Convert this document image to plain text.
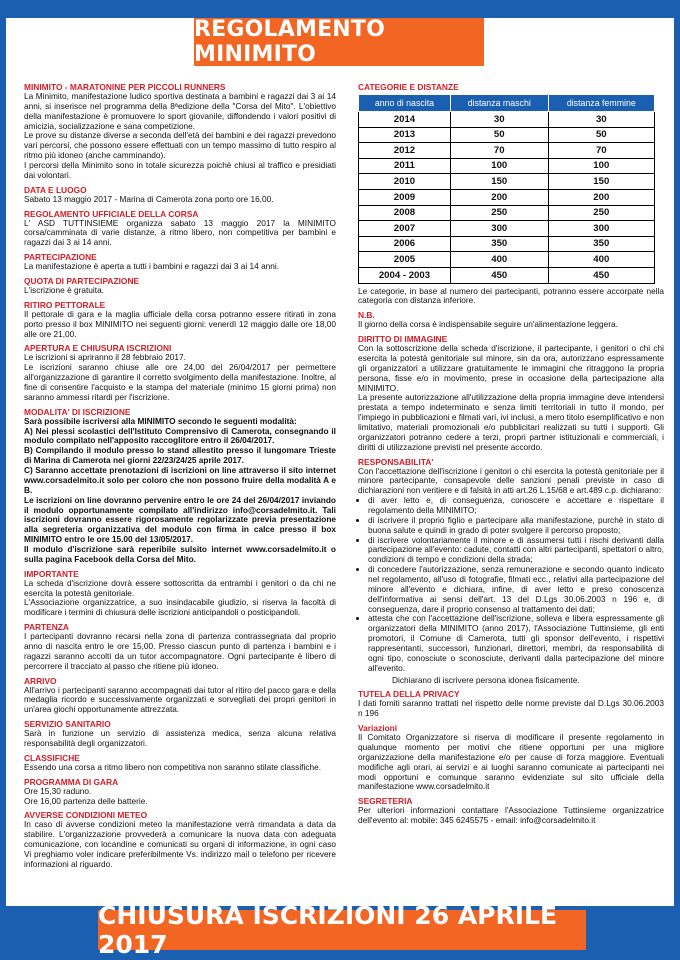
REGOLAMENTO MINIMITO
MINIMITO - MARATONINE PER PICCOLI RUNNERS
La Minimito, manifestazione ludico sportiva destinata a bambini e ragazzi dai 3 ai 14 anni, si inserisce nel programma della 8ªedizione della "Corsa del Mito". L'obiettivo della manifestazione è promuovere lo sport giovanile, diffondendo i valori positivi di amicizia, socializzazione e sana competizione.
Le prove su distanze diverse a seconda dell'età dei bambini e dei ragazzi prevedono vari percorsi, che possono essere effettuati con un tempo massimo di tutto respiro al ritmo più idoneo (anche camminando).
I percorsi della Minimito sono in totale sicurezza poichè chiusi al traffico e presidiati dai volontari.
DATA E LUOGO
Sabato 13 maggio 2017 - Marina di Camerota zona porto ore 16,00.
REGOLAMENTO UFFICIALE DELLA CORSA
L' ASD TUTTINSIEME organizza sabato 13 maggio 2017 la MINIMITO corsa/camminata di varie distanze, a ritmo libero, non competitiva per bambini e ragazzi dai 3 ai 14 anni.
PARTECIPAZIONE
La manifestazione è aperta a tutti i bambini e ragazzi dai 3 ai 14 anni.
QUOTA DI PARTECIPAZIONE
L'iscrizione è gratuita.
RITIRO PETTORALE
Il pettorale di gara e la maglia ufficiale della corsa potranno essere ritirati in zona porto presso il box MINIMITO nei seguenti giorni: venerdì 12 maggio dalle ore 18,00 alle ore 21,00.
APERTURA E CHIUSURA ISCRIZIONI
Le iscrizioni si apriranno il 28 febbraio 2017.
Le iscrizioni saranno chiuse alle ore 24,00 del 26/04/2017 per permettere all'organizzazione di garantire il corretto svolgimento della manifestazione. Inoltre, al fine di consentire l'acquisto e la stampa del materiale (minimo 15 giorni prima) non saranno ammessi ritardi per l'iscrizione.
MODALITA' DI ISCRIZIONE
Sarà possibile iscriversi alla MINIMITO secondo le seguenti modalità:
A) Nei plessi scolastici dell'Istituto Comprensivo di Camerota, consegnando il modulo compilato nell'apposito raccoglitore entro il 26/04/2017.
B) Compilando il modulo presso lo stand allestito presso il lungomare Trieste di Marina di Camerota nei giorni 22/23/24/25 aprile 2017.
C) Saranno accettate prenotazioni di iscrizioni on line attraverso il sito internet www.corsadelmito.it solo per coloro che non possono fruire della modalità A e B.
Le iscrizioni on line dovranno pervenire entro le ore 24 del 26/04/2017 inviando il modulo opportunamente compilato all'indirizzo info@corsadelmito.it. Tali iscrizioni dovranno essere rigorosamente regolarizzate previa presentazione alla segreteria organizzativa del modulo con firma in calce presso il box MINIMITO entro le ore 15.00 del 13/05/2017.
Il modulo d'iscrizione sarà reperibile sulsito internet www.corsadelmito.it o sulla pagina Facebook della Corsa del Mito.
IMPORTANTE
La scheda d'iscrizione dovrà essere sottoscritta da entrambi i genitori o da chi ne esercita la potestà genitoriale.
L'Associazione organizzatrice, a suo insindacabile giudizio, si riserva la facoltà di modificare i termini di chiusura delle iscrizioni anticipandoli o posticipandoli.
PARTENZA
I partecipanti dovranno recarsi nella zona di partenza contrassegnata dal proprio anno di nascita entro le ore 15,00. Presso ciascun punto di partenza i bambini e i ragazzi saranno accolti da un tutor accompagnatore. Ogni partecipante è libero di percorrere il tracciato al passo che ritiene più idoneo.
ARRIVO
All'arrivo i partecipanti saranno accompagnati dai tutor al ritiro del pacco gara e della medaglia ricordo e successivamente organizzati e sorvegliati dei propri genitori in un'area giochi opportunamente attrezzata.
SERVIZIO SANITARIO
Sarà in funzione un servizio di assistenza medica, senza alcuna relativa responsabilità degli organizzatori.
CLASSIFICHE
Essendo una corsa a ritmo libero non competitiva non saranno stilate classifiche.
PROGRAMMA DI GARA
Ore 15,30 raduno.
Ore 16,00 partenza delle batterie.
AVVERSE CONDIZIONI METEO
In caso di avverse condizioni meteo la manifestazione verrà rimandata a data da stabilire. L'organizzazione provvederà a comunicare la nuova data con adeguata comunicazione, con locandine e comunicati su organi di informazione, in ogni caso Vi preghiamo voler indicare preferibilmente Vs. indirizzo mail o telefono per ricevere informazioni al riguardo.
CATEGORIE E DISTANZE
anno di nascita	distanza maschi	distanza femmine
2014	30	30
2013	50	50
2012	70	70
2011	100	100
2010	150	150
2009	200	200
2008	250	250
2007	300	300
2006	350	350
2005	400	400
2004 - 2003	450	450
Le categorie, in base al numero dei partecipanti, potranno essere accorpate nella categoria con distanza inferiore.
N.B.
Il giorno della corsa è indispensabile seguire un'alimentazione leggera.
DIRITTO DI IMMAGINE
Con la sottoscrizione della scheda d'iscrizione, il partecipante, i genitori o chi chi esercita la potestà genitoriale sul minore, sin da ora, autorizzano espressamente gli organizzatori a utilizzare gratuitamente le immagini che ritraggono la propria persona, fisse e/o in movimento, prese in occasione della partecipazione alla MINIMITO.
La presente autorizzazione all'utilizzazione della propria immagine deve intendersi prestata a tempo indeterminato e senza limiti territoriali in tutto il mondo, per l'impiego in pubblicazioni e filmati vari, ivi inclusi, a mero titolo esemplificativo e non limitativo, materiali promozionali e/o pubblicitari realizzati su tutti i supporti. Gli organizzatori potranno cedere a terzi, propri partner istituzionali e commerciali, i diritti di utilizzazione previsti nel presente accordo.
RESPONSABILITA'
Con l'accettazione dell'iscrizione i genitori o chi esercita la potestà genitoriale per il minore partecipante, consapevole delle sanzioni penali previste in caso di dichiarazioni non veritiere e di falsità in atti art.26 L.15/68 e art.489 c.p. dichiarano:
• di aver letto e, di conseguenza, conoscere e accettare e rispettare il regolamento della MINIMITO;
• di iscrivere il proprio figlio e partecipare alla manifestazione, purchè in stato di buona salute e quindi in grado di poter svolgere il percorso proposto;
• di iscrivere volontariamente il minore e di assumersi tutti i rischi derivanti dalla partecipazione all'evento: cadute, contatti con altri partecipanti, spettatori o altro, condizioni di tempo e condizioni della strada;
• di concedere l'autorizzazione, senza remunerazione e secondo quanto indicato nel regolamento, all'uso di fotografie, filmati ecc., relativi alla partecipazione del minore all'evento e dichiara, infine, di aver letto e preso conoscenza dell'informativa ai sensi dell'art. 13 del D.Lgs 30.06.2003 n 196 e, di conseguenza, dare il proprio consenso al trattamento dei dati;
• attesta che con l'accettazione dell'iscrizione, solleva e libera espressamente gli organizzatori della MINIMITO (anno 2017), l'Associazione Tuttinsieme, gli enti promotori, il Comune di Camerota, tutti gli sponsor dell'evento, i rispettivi rappresentanti, successori, funzionari, direttori, membri, da responsabilità di ogni tipo, conosciute o sconosciute, derivanti dalla partecipazione del minore all'evento.
Dichiarano di iscrivere persona idonea fisicamente.
TUTELA DELLA PRIVACY
I dati forniti saranno trattati nel rispetto delle norme previste dal D.Lgs 30.06.2003 n 196
Variazioni
Il Comitato Organizzatore si riserva di modificare il presente regolamento in qualunque momento per motivi che ritiene opportuni per una migliore organizzazione della manifestazione e/o per cause di forza maggiore. Eventuali modifiche agli orari, ai servizi e ai luoghi saranno comunicate ai partecipanti nei modi opportuni e comunque saranno evidenziate sul sito ufficiale della manifestazione www.corsadelmito.it
SEGRETERIA
Per ulteriori informazioni contattare l'Associazione Tuttinsieme organizzatrice dell'evento al: mobile: 345 6245575 - email: info@corsadelmito.it
CHIUSURA ISCRIZIONI 26 APRILE 2017
